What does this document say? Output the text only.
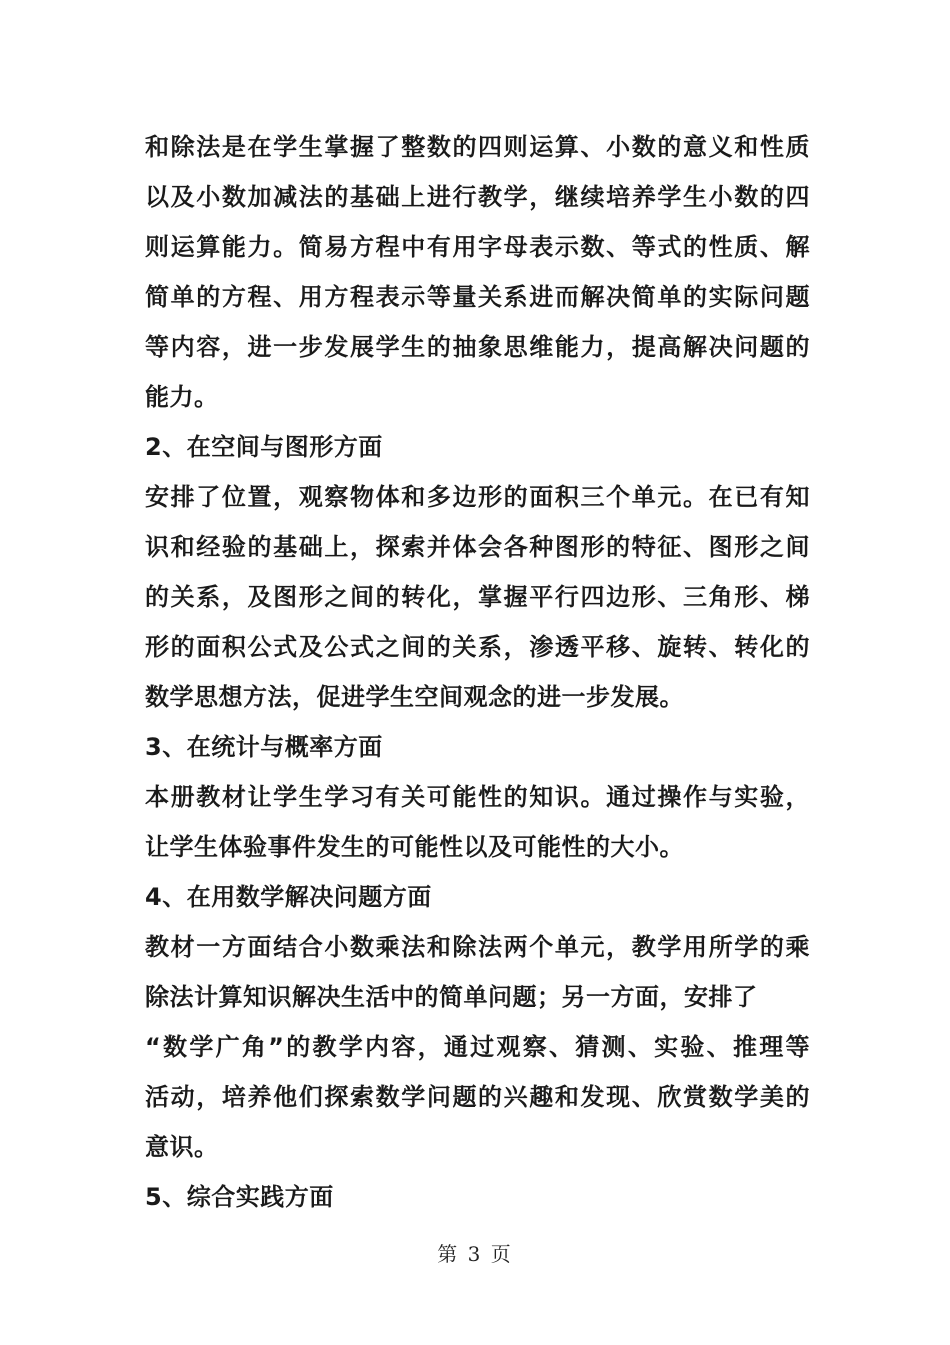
和除法是在学生掌握了整数的四则运算、小数的意义和性质
以及小数加减法的基础上进行教学，继续培养学生小数的四
则运算能力。简易方程中有用字母表示数、等式的性质、解
简单的方程、用方程表示等量关系进而解决简单的实际问题
等内容，进一步发展学生的抽象思维能力，提高解决问题的
能力。
2、在空间与图形方面
安排了位置，观察物体和多边形的面积三个单元。在已有知
识和经验的基础上，探索并体会各种图形的特征、图形之间
的关系，及图形之间的转化，掌握平行四边形、三角形、梯
形的面积公式及公式之间的关系，渗透平移、旋转、转化的
数学思想方法，促进学生空间观念的进一步发展。
3、在统计与概率方面
本册教材让学生学习有关可能性的知识。通过操作与实验，
让学生体验事件发生的可能性以及可能性的大小。
4、在用数学解决问题方面
教材一方面结合小数乘法和除法两个单元，教学用所学的乘
除法计算知识解决生活中的简单问题；另一方面，安排了
“数学广角”的教学内容，通过观察、猜测、实验、推理等
活动，培养他们探索数学问题的兴趣和发现、欣赏数学美的
意识。
5、综合实践方面
第 3 页
